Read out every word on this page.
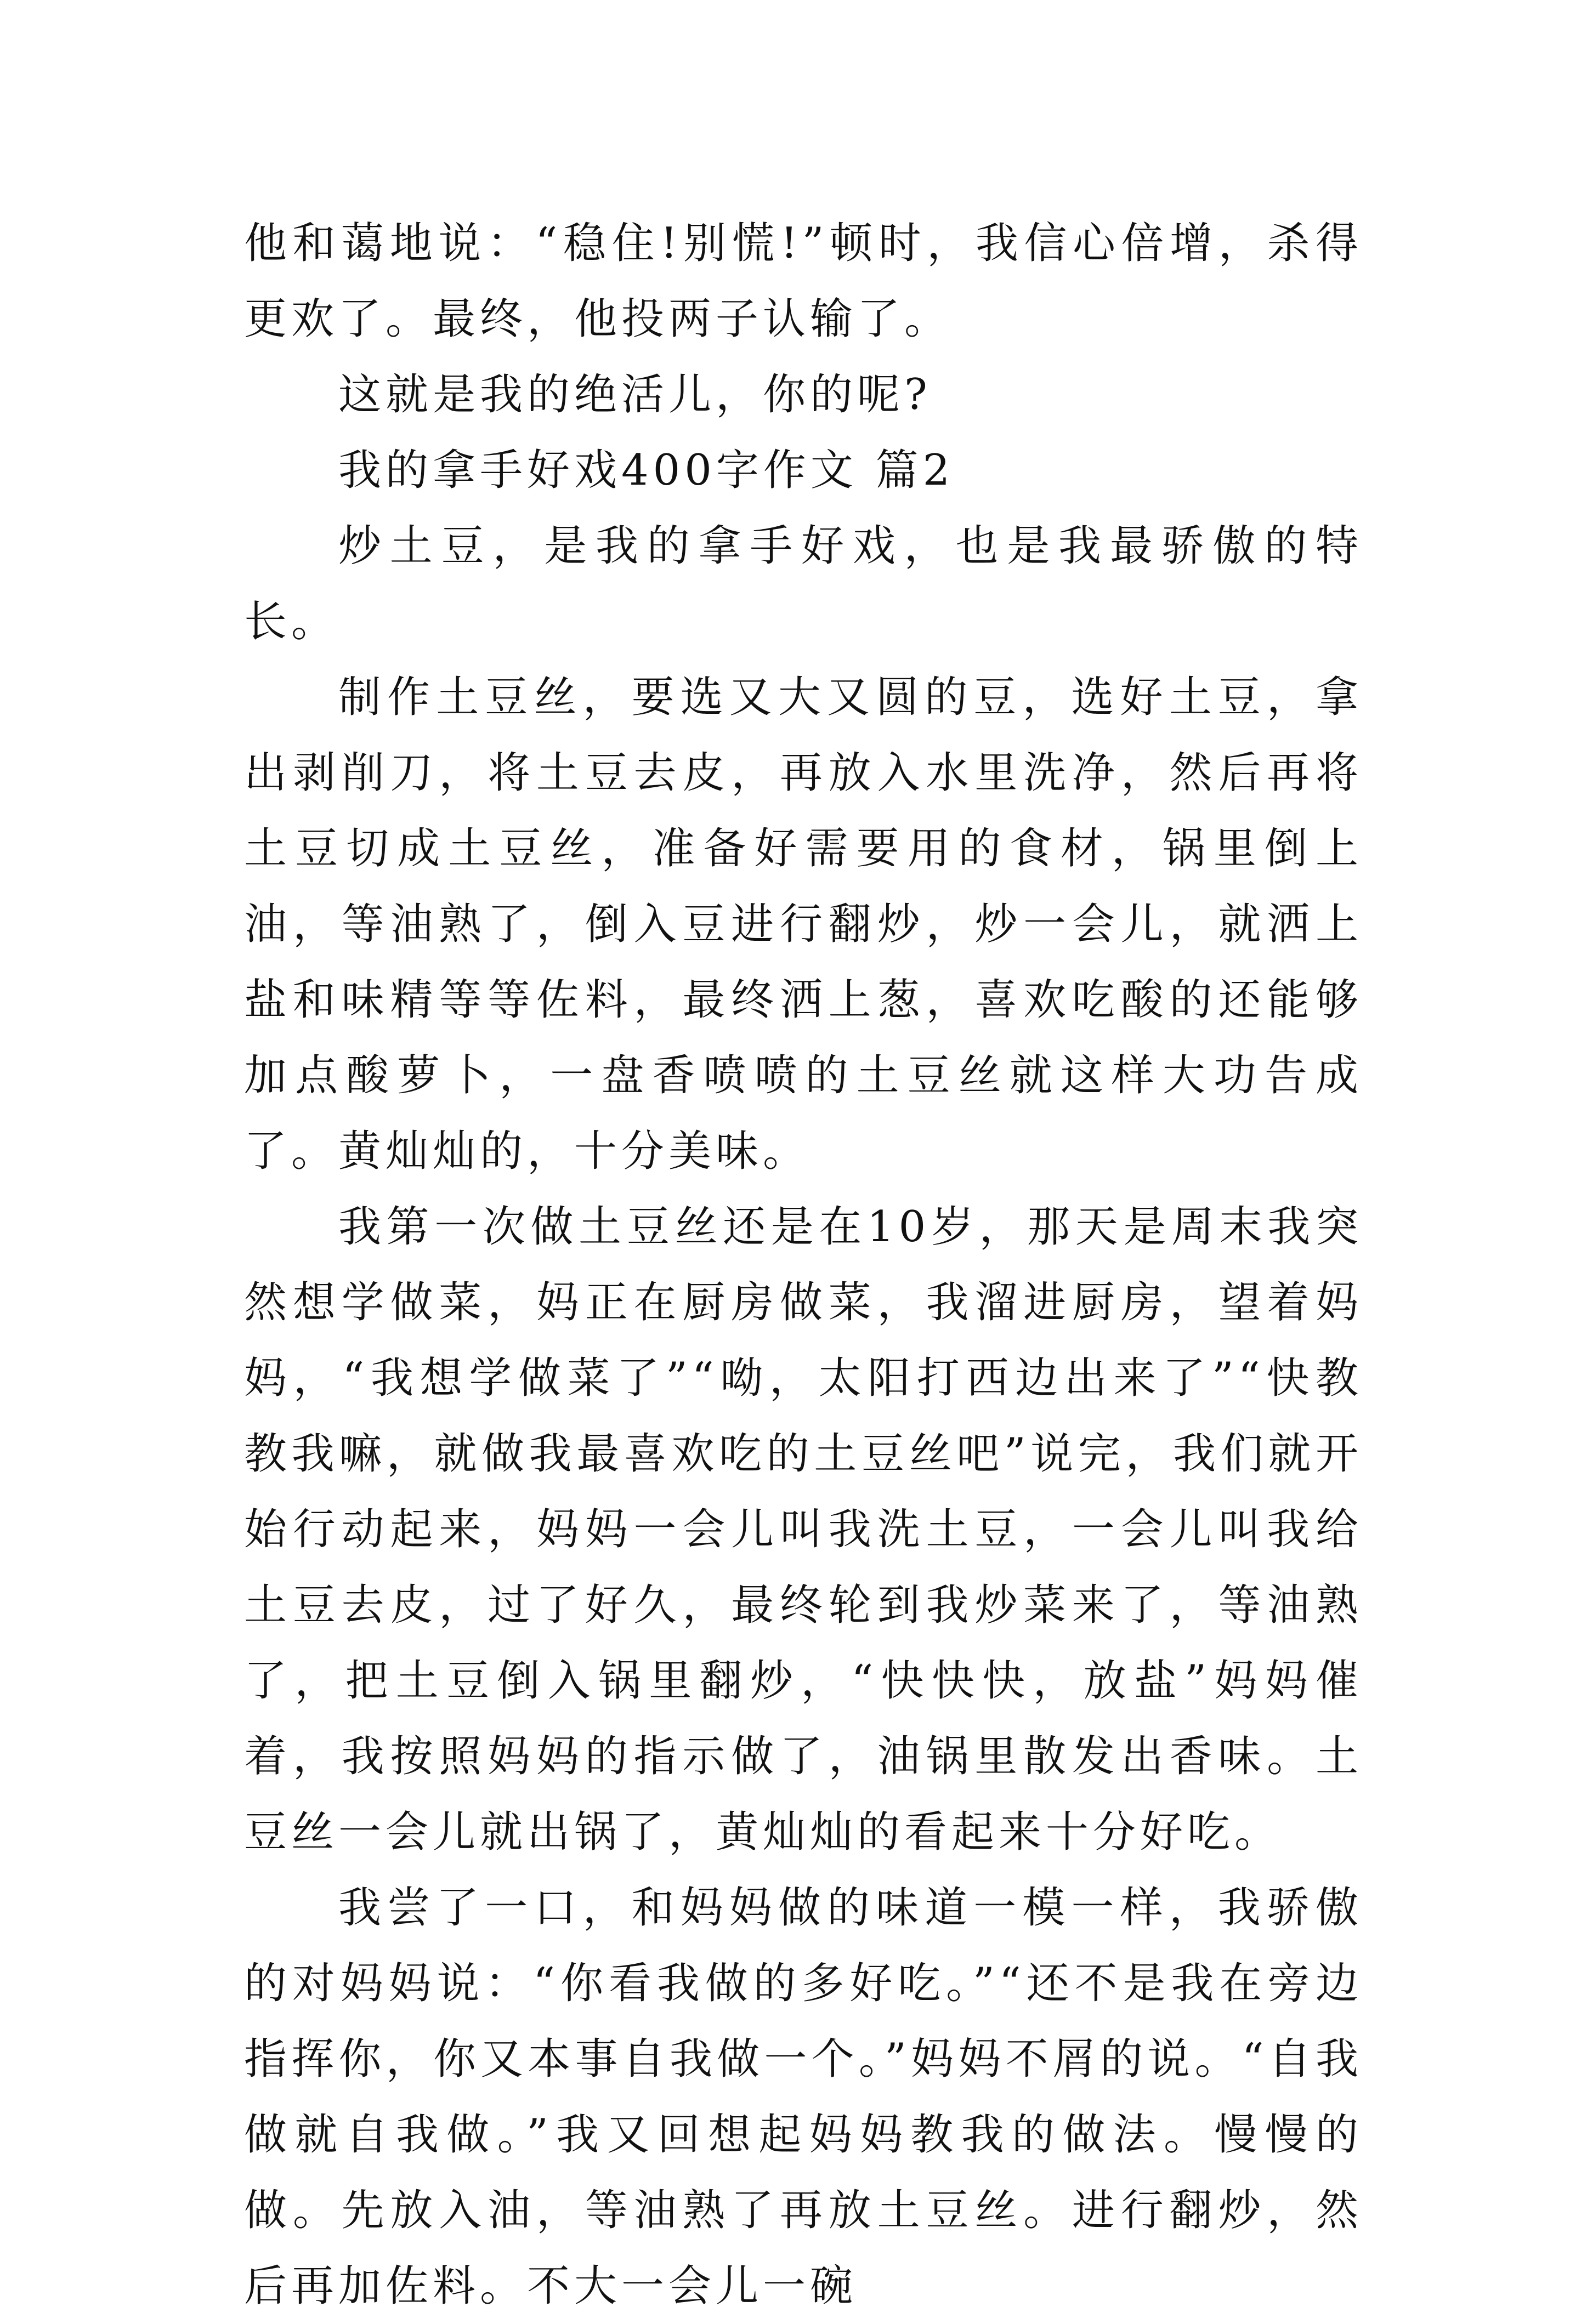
他和蔼地说：“稳住!别慌!”顿时，我信心倍增，杀得更欢了。最终，他投两子认输了。

这就是我的绝活儿，你的呢?

我的拿手好戏400字作文 篇2

炒土豆，是我的拿手好戏，也是我最骄傲的特长。

制作土豆丝，要选又大又圆的豆，选好土豆，拿出剥削刀，将土豆去皮，再放入水里洗净，然后再将土豆切成土豆丝，准备好需要用的食材，锅里倒上油，等油熟了，倒入豆进行翻炒，炒一会儿，就洒上盐和味精等等佐料，最终洒上葱，喜欢吃酸的还能够加点酸萝卜，一盘香喷喷的土豆丝就这样大功告成了。黄灿灿的，十分美味。

我第一次做土豆丝还是在10岁，那天是周末我突然想学做菜，妈正在厨房做菜，我溜进厨房，望着妈妈，“我想学做菜了”“呦，太阳打西边出来了”“快教教我嘛，就做我最喜欢吃的土豆丝吧”说完，我们就开始行动起来，妈妈一会儿叫我洗土豆，一会儿叫我给土豆去皮，过了好久，最终轮到我炒菜来了，等油熟了，把土豆倒入锅里翻炒，“快快快，放盐”妈妈催着，我按照妈妈的指示做了，油锅里散发出香味。土豆丝一会儿就出锅了，黄灿灿的看起来十分好吃。

我尝了一口，和妈妈做的味道一模一样，我骄傲的对妈妈说：“你看我做的多好吃。”“还不是我在旁边指挥你，你又本事自我做一个。”妈妈不屑的说。“自我做就自我做。”我又回想起妈妈教我的做法。慢慢的做。先放入油，等油熟了再放土豆丝。进行翻炒，然后再加佐料。不大一会儿一碗
